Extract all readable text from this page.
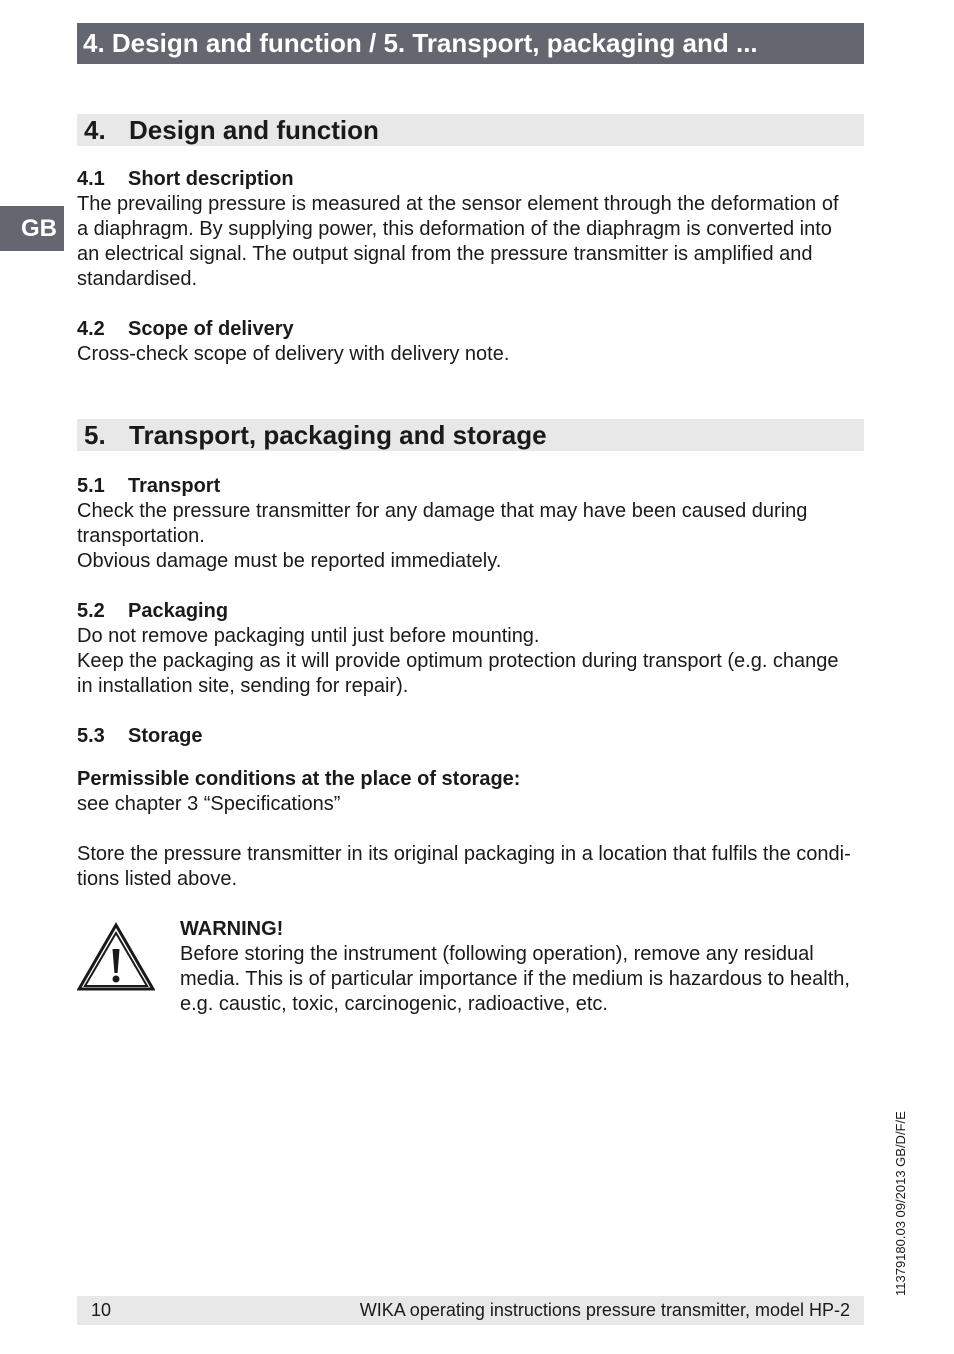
4. Design and function / 5. Transport, packaging and ...
GB
4. Design and function
4.1 Short description

The prevailing pressure is measured at the sensor element through the deformation of
a diaphragm. By supplying power, this deformation of the diaphragm is converted into
an electrical signal. The output signal from the pressure transmitter is amplified and
standardised.

4.2 Scope of delivery

Cross-check scope of delivery with delivery note.

5. Transport, packaging and storage
5.1 Transport

Check the pressure transmitter for any damage that may have been caused during
transportation.
Obvious damage must be reported immediately.

5.2 Packaging

Do not remove packaging until just before mounting.
Keep the packaging as it will provide optimum protection during transport (e.g. change
in installation site, sending for repair).

5.3 Storage

Permissible conditions at the place of storage:
see chapter 3 “Specifications”

Store the pressure transmitter in its original packaging in a location that fulfils the condi-
tions listed above.

WARNING!
Before storing the instrument (following operation), remove any residual
media. This is of particular importance if the medium is hazardous to health,
e.g. caustic, toxic, carcinogenic, radioactive, etc.
11379180.03 09/2013 GB/D/F/E
10	WIKA operating instructions pressure transmitter, model HP-2
